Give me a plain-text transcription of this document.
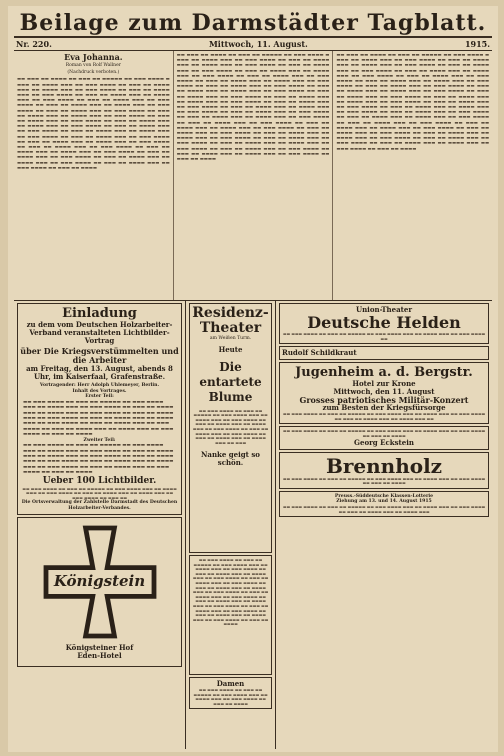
Beilage zum Darmstädter Tagblatt.
Nr. 220.	Mittwoch, 11. August.	1915.
Eva Johanna.
Roman von Rolf Wallner
(Nachdruck verboten.)
▬▬ ▬▬▬ ▬▬ ▬▬▬▬ ▬▬ ▬▬▬ ▬▬ ▬▬▬▬▬ ▬▬ ▬▬▬ ▬▬▬▬ ▬ ▬▬▬ ▬▬ ▬▬▬▬ ▬▬▬ ▬▬ ▬▬▬ ▬▬▬▬ ▬▬ ▬▬▬ ▬▬ ▬▬▬▬ ▬▬▬ ▬▬ ▬▬▬▬ ▬▬▬ ▬▬ ▬▬▬ ▬▬▬▬ ▬▬ ▬▬▬ ▬▬ ▬▬▬▬ ▬▬▬ ▬▬ ▬▬▬ ▬▬▬▬ ▬▬ ▬▬▬ ▬▬ ▬▬▬▬ ▬▬▬ ▬▬ ▬▬▬▬ ▬▬▬ ▬▬ ▬▬▬ ▬▬▬▬ ▬▬ ▬▬▬ ▬▬ ▬▬▬▬ ▬▬▬ ▬▬ ▬▬▬ ▬▬▬▬ ▬▬ ▬▬▬ ▬▬ ▬▬▬▬ ▬▬▬ ▬▬ ▬▬▬▬ ▬▬▬ ▬▬ ▬▬▬ ▬▬▬▬ ▬▬ ▬▬▬ ▬▬ ▬▬▬▬ ▬▬▬ ▬▬ ▬▬▬ ▬▬▬▬ ▬▬ ▬▬▬ ▬▬ ▬▬▬▬ ▬▬▬ ▬▬ ▬▬▬▬ ▬▬▬ ▬▬ ▬▬▬ ▬▬▬▬ ▬▬ ▬▬▬ ▬▬ ▬▬▬▬ ▬▬▬ ▬▬ ▬▬▬ ▬▬▬▬ ▬▬ ▬▬▬ ▬▬ ▬▬▬▬ ▬▬▬ ▬▬ ▬▬▬▬ ▬▬▬ ▬▬ ▬▬▬ ▬▬▬▬ ▬▬ ▬▬▬ ▬▬ ▬▬▬▬ ▬▬▬ ▬▬ ▬▬▬ ▬▬▬▬ ▬▬ ▬▬▬ ▬▬ ▬▬▬▬ ▬▬▬ ▬▬ ▬▬▬▬ ▬▬▬ ▬▬ ▬▬▬ ▬▬▬▬ ▬▬ ▬▬▬ ▬▬ ▬▬▬▬ ▬▬▬ ▬▬ ▬▬▬ ▬▬▬▬ ▬▬ ▬▬▬ ▬▬ ▬▬▬▬ ▬▬▬ ▬▬ ▬▬▬▬ ▬▬▬ ▬▬ ▬▬▬ ▬▬▬▬ ▬▬ ▬▬▬ ▬▬ ▬▬▬▬ ▬▬▬ ▬▬ ▬▬▬ ▬▬▬▬ ▬▬ ▬▬▬ ▬▬ ▬▬▬▬ ▬▬▬ ▬▬ ▬▬▬▬ ▬▬▬ ▬▬ ▬▬▬ ▬▬▬▬ ▬▬ ▬▬▬ ▬▬ ▬▬▬▬ ▬▬▬ ▬▬ ▬▬▬ ▬▬▬▬ ▬▬ ▬▬▬ ▬▬ ▬▬▬▬ ▬▬▬ ▬▬ ▬▬▬▬ ▬▬▬ ▬▬ ▬▬▬ ▬▬▬▬ ▬▬ ▬▬▬ ▬▬ ▬▬▬▬ ▬▬▬ ▬▬ ▬▬▬ ▬▬▬▬ ▬▬ ▬▬▬ ▬▬ ▬▬▬▬
▬▬ ▬▬▬ ▬▬ ▬▬▬▬ ▬▬ ▬▬▬ ▬▬ ▬▬▬▬▬ ▬▬ ▬▬▬ ▬▬▬▬ ▬ ▬▬▬ ▬▬ ▬▬▬▬ ▬▬▬ ▬▬ ▬▬▬ ▬▬▬▬ ▬▬ ▬▬▬ ▬▬ ▬▬▬▬ ▬▬▬ ▬▬ ▬▬▬▬ ▬▬▬ ▬▬ ▬▬▬ ▬▬▬▬ ▬▬ ▬▬▬ ▬▬ ▬▬▬▬ ▬▬▬ ▬▬ ▬▬▬ ▬▬▬▬ ▬▬ ▬▬▬ ▬▬ ▬▬▬▬ ▬▬▬ ▬▬ ▬▬▬▬ ▬▬▬ ▬▬ ▬▬▬ ▬▬▬▬ ▬▬ ▬▬▬ ▬▬ ▬▬▬▬ ▬▬▬ ▬▬ ▬▬▬ ▬▬▬▬ ▬▬ ▬▬▬ ▬▬ ▬▬▬▬ ▬▬▬ ▬▬ ▬▬▬▬ ▬▬▬ ▬▬ ▬▬▬ ▬▬▬▬ ▬▬ ▬▬▬ ▬▬ ▬▬▬▬ ▬▬▬ ▬▬ ▬▬▬ ▬▬▬▬ ▬▬ ▬▬▬ ▬▬ ▬▬▬▬ ▬▬▬ ▬▬ ▬▬▬▬ ▬▬▬ ▬▬ ▬▬▬ ▬▬▬▬ ▬▬ ▬▬▬ ▬▬ ▬▬▬▬ ▬▬▬ ▬▬ ▬▬▬ ▬▬▬▬ ▬▬ ▬▬▬ ▬▬ ▬▬▬▬ ▬▬▬ ▬▬ ▬▬▬▬ ▬▬▬ ▬▬ ▬▬▬ ▬▬▬▬ ▬▬ ▬▬▬ ▬▬ ▬▬▬▬ ▬▬▬ ▬▬ ▬▬▬ ▬▬▬▬ ▬▬ ▬▬▬ ▬▬ ▬▬▬▬ ▬▬▬ ▬▬ ▬▬▬▬ ▬▬▬ ▬▬ ▬▬▬ ▬▬▬▬ ▬▬ ▬▬▬ ▬▬ ▬▬▬▬ ▬▬▬ ▬▬ ▬▬▬ ▬▬▬▬ ▬▬ ▬▬▬ ▬▬ ▬▬▬▬ ▬▬▬ ▬▬ ▬▬▬▬ ▬▬▬ ▬▬ ▬▬▬ ▬▬▬▬ ▬▬ ▬▬▬ ▬▬ ▬▬▬▬ ▬▬▬ ▬▬ ▬▬▬ ▬▬▬▬ ▬▬ ▬▬▬ ▬▬ ▬▬▬▬ ▬▬▬ ▬▬ ▬▬▬▬ ▬▬▬ ▬▬ ▬▬▬ ▬▬▬▬ ▬▬ ▬▬▬ ▬▬ ▬▬▬▬ ▬▬▬ ▬▬ ▬▬▬ ▬▬▬▬ ▬▬ ▬▬▬ ▬▬ ▬▬▬▬ ▬▬▬ ▬▬ ▬▬▬▬ ▬▬▬ ▬▬ ▬▬▬ ▬▬▬▬ ▬▬ ▬▬▬ ▬▬ ▬▬▬▬ ▬▬▬ ▬▬ ▬▬▬ ▬▬▬▬ ▬▬ ▬▬▬ ▬▬ ▬▬▬▬ ▬▬▬ ▬▬ ▬▬▬▬ ▬▬▬ ▬▬ ▬▬▬ ▬▬▬▬ ▬▬ ▬▬▬ ▬▬ ▬▬▬▬ ▬▬▬ ▬▬ ▬▬▬ ▬▬▬▬ ▬▬ ▬▬▬ ▬▬ ▬▬▬▬ ▬▬▬ ▬▬ ▬▬▬▬ ▬▬▬ ▬▬ ▬▬▬ ▬▬▬▬ ▬▬ ▬▬▬ ▬▬ ▬▬▬▬
▬▬ ▬▬▬ ▬▬ ▬▬▬▬ ▬▬ ▬▬▬ ▬▬ ▬▬▬▬▬ ▬▬ ▬▬▬ ▬▬▬▬ ▬ ▬▬▬ ▬▬ ▬▬▬▬ ▬▬▬ ▬▬ ▬▬▬ ▬▬▬▬ ▬▬ ▬▬▬ ▬▬ ▬▬▬▬ ▬▬▬ ▬▬ ▬▬▬▬ ▬▬▬ ▬▬ ▬▬▬ ▬▬▬▬ ▬▬ ▬▬▬ ▬▬ ▬▬▬▬ ▬▬▬ ▬▬ ▬▬▬ ▬▬▬▬ ▬▬ ▬▬▬ ▬▬ ▬▬▬▬ ▬▬▬ ▬▬ ▬▬▬▬ ▬▬▬ ▬▬ ▬▬▬ ▬▬▬▬ ▬▬ ▬▬▬ ▬▬ ▬▬▬▬ ▬▬▬ ▬▬ ▬▬▬ ▬▬▬▬ ▬▬ ▬▬▬ ▬▬ ▬▬▬▬ ▬▬▬ ▬▬ ▬▬▬▬ ▬▬▬ ▬▬ ▬▬▬ ▬▬▬▬ ▬▬ ▬▬▬ ▬▬ ▬▬▬▬ ▬▬▬ ▬▬ ▬▬▬ ▬▬▬▬ ▬▬ ▬▬▬ ▬▬ ▬▬▬▬ ▬▬▬ ▬▬ ▬▬▬▬ ▬▬▬ ▬▬ ▬▬▬ ▬▬▬▬ ▬▬ ▬▬▬ ▬▬ ▬▬▬▬ ▬▬▬ ▬▬ ▬▬▬ ▬▬▬▬ ▬▬ ▬▬▬ ▬▬ ▬▬▬▬ ▬▬▬ ▬▬ ▬▬▬▬ ▬▬▬ ▬▬ ▬▬▬ ▬▬▬▬ ▬▬ ▬▬▬ ▬▬ ▬▬▬▬ ▬▬▬ ▬▬ ▬▬▬ ▬▬▬▬ ▬▬ ▬▬▬ ▬▬ ▬▬▬▬ ▬▬▬ ▬▬ ▬▬▬▬ ▬▬▬ ▬▬ ▬▬▬ ▬▬▬▬ ▬▬ ▬▬▬ ▬▬ ▬▬▬▬ ▬▬▬ ▬▬ ▬▬▬ ▬▬▬▬ ▬▬ ▬▬▬ ▬▬ ▬▬▬▬ ▬▬▬ ▬▬ ▬▬▬▬ ▬▬▬ ▬▬ ▬▬▬ ▬▬▬▬ ▬▬ ▬▬▬ ▬▬ ▬▬▬▬ ▬▬▬ ▬▬ ▬▬▬ ▬▬▬▬ ▬▬ ▬▬▬ ▬▬ ▬▬▬▬ ▬▬▬ ▬▬ ▬▬▬▬ ▬▬▬ ▬▬ ▬▬▬ ▬▬▬▬ ▬▬ ▬▬▬ ▬▬ ▬▬▬▬ ▬▬▬ ▬▬ ▬▬▬ ▬▬▬▬ ▬▬ ▬▬▬ ▬▬ ▬▬▬▬ ▬▬▬ ▬▬ ▬▬▬▬ ▬▬▬ ▬▬ ▬▬▬ ▬▬▬▬ ▬▬ ▬▬▬ ▬▬ ▬▬▬▬ ▬▬▬ ▬▬ ▬▬▬ ▬▬▬▬ ▬▬ ▬▬▬ ▬▬ ▬▬▬▬ ▬▬▬ ▬▬ ▬▬▬▬ ▬▬▬ ▬▬ ▬▬▬ ▬▬▬▬ ▬▬ ▬▬▬ ▬▬ ▬▬▬▬
Einladung
zu dem vom Deutschen Holzarbeiter-Verband veranstalteten Lichtbilder-Vortrag
über Die Kriegsverstümmelten und die Arbeiter
am Freitag, den 13. August, abends 8 Uhr, im Kaiserfaal, Grafenstraße.
Vortragender: Herr Adolph Uhlemeyer, Berlin.
Inhalt des Vortrages.
Erster Teil:
▬▬ ▬▬▬ ▬▬▬▬ ▬▬ ▬▬▬ ▬▬ ▬▬▬▬▬ ▬▬ ▬▬▬ ▬▬▬▬ ▬▬▬ ▬▬ ▬▬▬▬ ▬▬▬ ▬▬ ▬▬▬ ▬▬▬▬ ▬▬ ▬▬▬ ▬▬ ▬▬▬▬ ▬▬▬ ▬▬ ▬▬▬▬ ▬▬▬ ▬▬ ▬▬▬ ▬▬▬▬ ▬▬ ▬▬▬ ▬▬ ▬▬▬▬ ▬▬▬ ▬▬ ▬▬▬ ▬▬▬▬ ▬▬ ▬▬▬ ▬▬ ▬▬▬▬ ▬▬▬ ▬▬ ▬▬▬▬ ▬▬▬ ▬▬ ▬▬▬ ▬▬▬▬ ▬▬ ▬▬▬ ▬▬ ▬▬▬▬ ▬▬▬ ▬▬ ▬▬▬ ▬▬▬▬ ▬▬ ▬▬▬ ▬▬ ▬▬▬▬ ▬▬▬ ▬▬ ▬▬▬▬ ▬▬▬ ▬▬ ▬▬▬ ▬▬▬▬ ▬▬ ▬▬▬ ▬▬ ▬▬▬▬
Zweiter Teil:
▬▬ ▬▬▬ ▬▬▬▬ ▬▬ ▬▬▬ ▬▬ ▬▬▬▬▬ ▬▬ ▬▬▬ ▬▬▬▬ ▬▬▬ ▬▬ ▬▬▬▬ ▬▬▬ ▬▬ ▬▬▬ ▬▬▬▬ ▬▬ ▬▬▬ ▬▬ ▬▬▬▬ ▬▬▬ ▬▬ ▬▬▬▬ ▬▬▬ ▬▬ ▬▬▬ ▬▬▬▬ ▬▬ ▬▬▬ ▬▬ ▬▬▬▬ ▬▬▬ ▬▬ ▬▬▬ ▬▬▬▬ ▬▬ ▬▬▬ ▬▬ ▬▬▬▬ ▬▬▬ ▬▬ ▬▬▬▬ ▬▬▬ ▬▬ ▬▬▬ ▬▬▬▬ ▬▬ ▬▬▬ ▬▬ ▬▬▬▬ ▬▬▬ ▬▬ ▬▬▬ ▬▬▬▬ ▬▬ ▬▬▬ ▬▬ ▬▬▬▬
Ueber 100 Lichtbilder.
▬▬ ▬▬▬ ▬▬▬▬ ▬▬ ▬▬▬ ▬▬ ▬▬▬▬▬ ▬▬ ▬▬▬ ▬▬▬▬ ▬▬▬ ▬▬ ▬▬▬▬ ▬▬▬ ▬▬ ▬▬▬ ▬▬▬▬ ▬▬ ▬▬▬ ▬▬ ▬▬▬▬ ▬▬▬ ▬▬ ▬▬▬▬ ▬▬▬ ▬▬ ▬▬▬ ▬▬▬▬ ▬▬ ▬▬▬ ▬▬
Die Ortsverwaltung der Zahlstelle Darmstadt des Deutschen Holzarbeiter-Verbandes.
Königstein
Königsteiner Hof
Eden-Hotel
Residenz-Theater
am Weißen Turm.
Heute
Die entartete Blume
▬▬ ▬▬▬ ▬▬▬▬ ▬▬ ▬▬▬ ▬▬ ▬▬▬▬▬ ▬▬ ▬▬▬ ▬▬▬▬ ▬▬▬ ▬▬ ▬▬▬▬ ▬▬▬ ▬▬ ▬▬▬ ▬▬▬▬ ▬▬ ▬▬▬ ▬▬ ▬▬▬▬ ▬▬▬ ▬▬ ▬▬▬▬ ▬▬▬ ▬▬ ▬▬▬ ▬▬▬▬ ▬▬ ▬▬▬ ▬▬ ▬▬▬▬ ▬▬▬ ▬▬ ▬▬▬ ▬▬▬▬ ▬▬ ▬▬▬ ▬▬ ▬▬▬▬ ▬▬▬ ▬▬ ▬▬▬▬ ▬▬▬ ▬▬ ▬▬▬
Nanke geigt so schön.
▬▬ ▬▬▬ ▬▬▬▬ ▬▬ ▬▬▬ ▬▬ ▬▬▬▬▬ ▬▬ ▬▬▬ ▬▬▬▬ ▬▬▬ ▬▬ ▬▬▬▬ ▬▬▬ ▬▬ ▬▬▬ ▬▬▬▬ ▬▬ ▬▬▬ ▬▬ ▬▬▬▬ ▬▬▬ ▬▬ ▬▬▬▬ ▬▬▬ ▬▬ ▬▬▬ ▬▬▬▬ ▬▬ ▬▬▬ ▬▬ ▬▬▬▬ ▬▬▬ ▬▬ ▬▬▬ ▬▬▬▬ ▬▬ ▬▬▬ ▬▬ ▬▬▬▬ ▬▬▬ ▬▬ ▬▬▬▬ ▬▬▬ ▬▬ ▬▬▬ ▬▬▬▬ ▬▬ ▬▬▬ ▬▬ ▬▬▬▬ ▬▬▬ ▬▬ ▬▬▬ ▬▬▬▬ ▬▬ ▬▬▬ ▬▬ ▬▬▬▬ ▬▬▬ ▬▬ ▬▬▬▬ ▬▬▬ ▬▬ ▬▬▬ ▬▬▬▬ ▬▬ ▬▬▬ ▬▬ ▬▬▬▬ ▬▬▬ ▬▬ ▬▬▬ ▬▬▬▬ ▬▬ ▬▬▬ ▬▬ ▬▬▬▬ ▬▬▬ ▬▬ ▬▬▬▬ ▬▬▬ ▬▬ ▬▬▬ ▬▬▬▬ ▬▬ ▬▬▬ ▬▬ ▬▬▬▬
Damen
▬▬ ▬▬▬ ▬▬▬▬ ▬▬ ▬▬▬ ▬▬ ▬▬▬▬▬ ▬▬ ▬▬▬ ▬▬▬▬ ▬▬▬ ▬▬ ▬▬▬▬ ▬▬▬ ▬▬ ▬▬▬ ▬▬▬▬ ▬▬ ▬▬▬ ▬▬ ▬▬▬▬
Union-Theater
Deutsche Helden
▬▬ ▬▬▬ ▬▬▬▬ ▬▬ ▬▬▬ ▬▬ ▬▬▬▬▬ ▬▬ ▬▬▬ ▬▬▬▬ ▬▬▬ ▬▬ ▬▬▬▬ ▬▬▬ ▬▬ ▬▬▬ ▬▬▬▬ ▬▬
Rudolf Schildkraut
Jugenheim a. d. Bergstr.
Hotel zur Krone
Mittwoch, den 11. August
Grosses patriotisches Militär-Konzert
zum Besten der Kriegsfürsorge
▬▬ ▬▬▬ ▬▬▬▬ ▬▬ ▬▬▬ ▬▬ ▬▬▬▬▬ ▬▬ ▬▬▬ ▬▬▬▬ ▬▬▬ ▬▬ ▬▬▬▬ ▬▬▬ ▬▬ ▬▬▬ ▬▬▬▬ ▬▬ ▬▬▬ ▬▬ ▬▬▬▬ ▬▬▬ ▬▬ ▬▬▬▬ ▬▬▬ ▬▬
▬▬ ▬▬▬ ▬▬▬▬ ▬▬ ▬▬▬ ▬▬ ▬▬▬▬▬ ▬▬ ▬▬▬ ▬▬▬▬ ▬▬▬ ▬▬ ▬▬▬▬ ▬▬▬ ▬▬ ▬▬▬ ▬▬▬▬ ▬▬ ▬▬▬ ▬▬ ▬▬▬▬
Georg Eckstein
Brennholz
▬▬ ▬▬▬ ▬▬▬▬ ▬▬ ▬▬▬ ▬▬ ▬▬▬▬▬ ▬▬ ▬▬▬ ▬▬▬▬ ▬▬▬ ▬▬ ▬▬▬▬ ▬▬▬ ▬▬ ▬▬▬ ▬▬▬▬ ▬▬ ▬▬▬ ▬▬ ▬▬▬▬
Preuss.-Süddeutsche Klassen-Lotterie
Ziehung am 13. und 14. August 1915
▬▬ ▬▬▬ ▬▬▬▬ ▬▬ ▬▬▬ ▬▬ ▬▬▬▬▬ ▬▬ ▬▬▬ ▬▬▬▬ ▬▬▬ ▬▬ ▬▬▬▬ ▬▬▬ ▬▬ ▬▬▬ ▬▬▬▬ ▬▬ ▬▬▬ ▬▬ ▬▬▬▬ ▬▬▬ ▬▬ ▬▬▬▬ ▬▬▬
